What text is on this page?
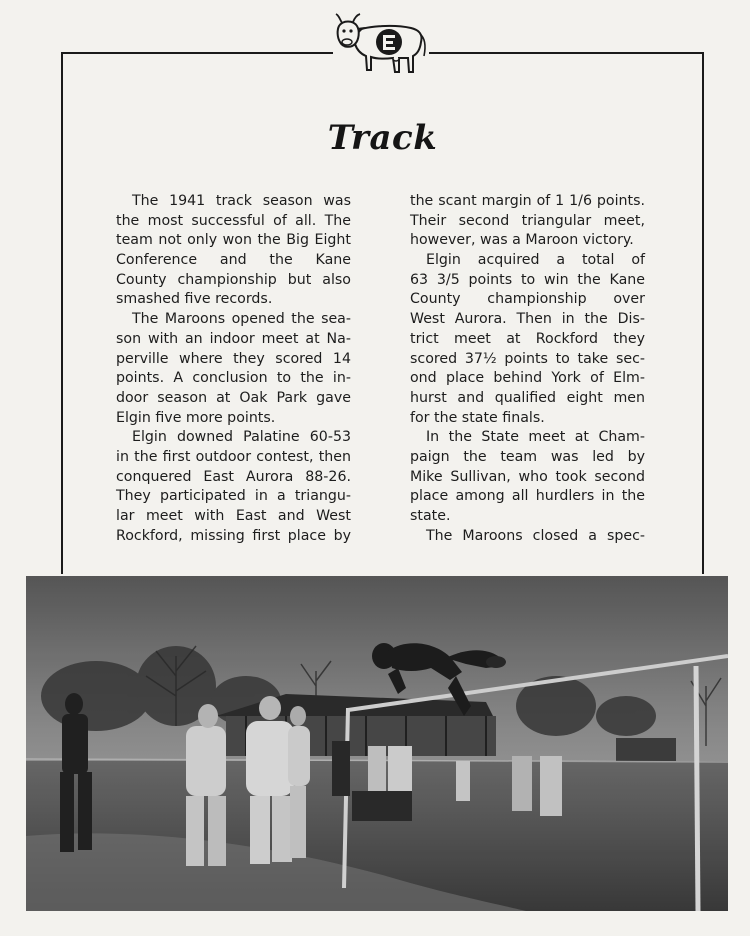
Track
The 1941 track season was
the most successful of all. The
team not only won the Big Eight
Conference and the Kane
County championship but also
smashed five records.
The Maroons opened the sea-
son with an indoor meet at Na-
perville where they scored 14
points. A conclusion to the in-
door season at Oak Park gave
Elgin five more points.
Elgin downed Palatine 60-53
in the first outdoor contest, then
conquered East Aurora 88-26.
They participated in a triangu-
lar meet with East and West
Rockford, missing first place by
the scant margin of 1 1/6 points.
Their second triangular meet,
however, was a Maroon victory.
Elgin acquired a total of
63 3/5 points to win the Kane
County championship over
West Aurora. Then in the Dis-
trict meet at Rockford they
scored 37½ points to take sec-
ond place behind York of Elm-
hurst and qualified eight men
for the state finals.
In the State meet at Cham-
paign the team was led by
Mike Sullivan, who took second
place among all hurdlers in the
state.
The Maroons closed a spec-
